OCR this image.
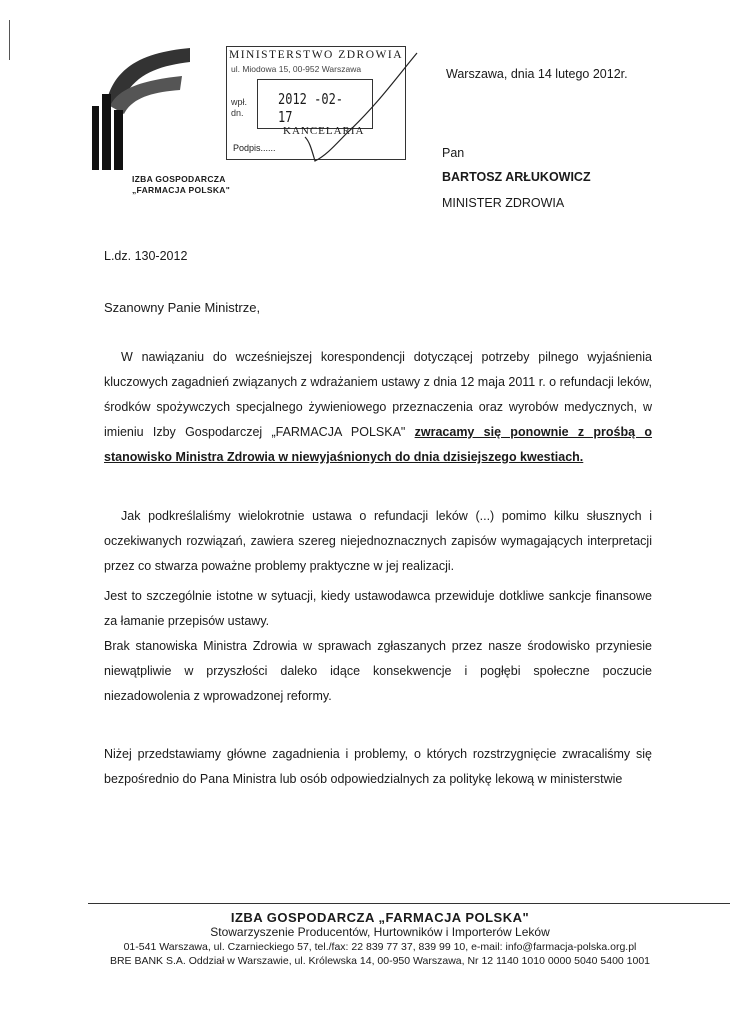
IZBA GOSPODARCZA
„FARMACJA POLSKA"
MINISTERSTWO ZDROWIA
ul. Miodowa 15, 00-952 Warszawa
wpł. dn.
2012 -02- 17
KANCELARIA
Podpis......
Warszawa, dnia 14 lutego 2012r.
Pan
BARTOSZ ARŁUKOWICZ
MINISTER ZDROWIA
L.dz. 130-2012
Szanowny Panie Ministrze,
W nawiązaniu do wcześniejszej korespondencji dotyczącej potrzeby pilnego wyjaśnienia kluczowych zagadnień związanych z wdrażaniem ustawy z dnia 12 maja 2011 r. o refundacji leków, środków spożywczych specjalnego żywieniowego przeznaczenia oraz wyrobów medycznych, w imieniu Izby Gospodarczej „FARMACJA POLSKA" zwracamy się ponownie z prośbą o stanowisko Ministra Zdrowia w niewyjaśnionych do dnia dzisiejszego kwestiach.
Jak podkreślaliśmy wielokrotnie ustawa o refundacji leków (...) pomimo kilku słusznych i oczekiwanych rozwiązań, zawiera szereg niejednoznacznych zapisów wymagających interpretacji przez co stwarza poważne problemy praktyczne w jej realizacji.
Jest to szczególnie istotne w sytuacji, kiedy ustawodawca przewiduje dotkliwe sankcje finansowe za łamanie przepisów ustawy.
Brak stanowiska Ministra Zdrowia w sprawach zgłaszanych przez nasze środowisko przyniesie niewątpliwie w przyszłości daleko idące konsekwencje i pogłębi społeczne poczucie niezadowolenia z wprowadzonej reformy.
Niżej przedstawiamy główne zagadnienia i problemy, o których rozstrzygnięcie zwracaliśmy się bezpośrednio do Pana Ministra lub osób odpowiedzialnych za politykę lekową w ministerstwie
IZBA GOSPODARCZA „FARMACJA POLSKA"
Stowarzyszenie Producentów, Hurtowników i Importerów Leków
01-541 Warszawa, ul. Czarnieckiego 57, tel./fax: 22 839 77 37, 839 99 10, e-mail: info@farmacja-polska.org.pl
BRE BANK S.A. Oddział w Warszawie, ul. Królewska 14, 00-950 Warszawa, Nr 12 1140 1010 0000 5040 5400 1001
